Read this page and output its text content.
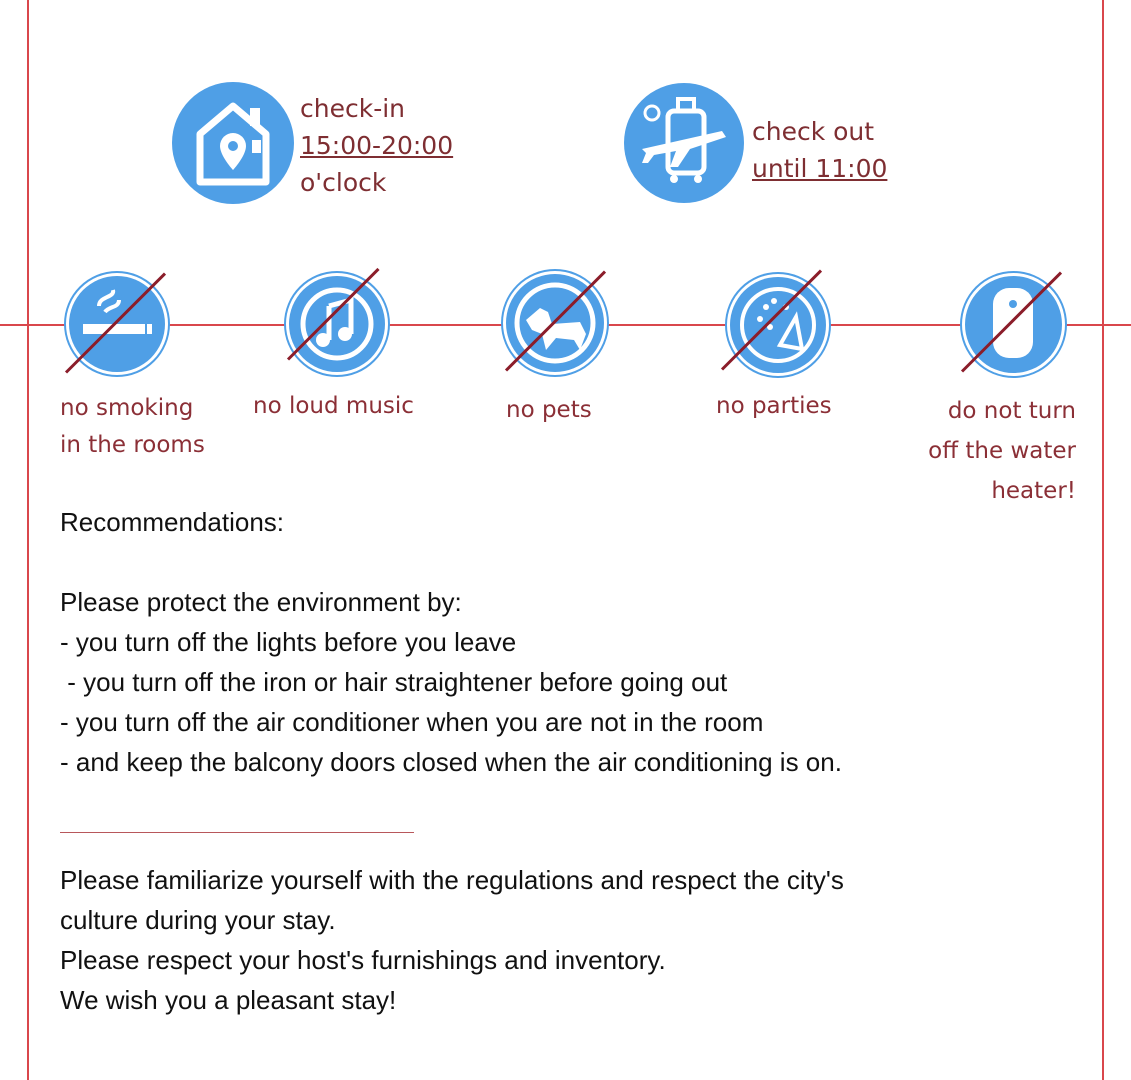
check-in
15:00-20:00
o'clock
check out
until 11:00
no smoking
in the rooms
no loud music	no pets	no parties	do not turn
off the water
heater!
Recommendations:
Please protect the environment by:
- you turn off the lights before you leave
- you turn off the iron or hair straightener before going out
- you turn off the air conditioner when you are not in the room
- and keep the balcony doors closed when the air conditioning is on.
Please familiarize yourself with the regulations and respect the city's
culture during your stay.
Please respect your host's furnishings and inventory.
We wish you a pleasant stay!
